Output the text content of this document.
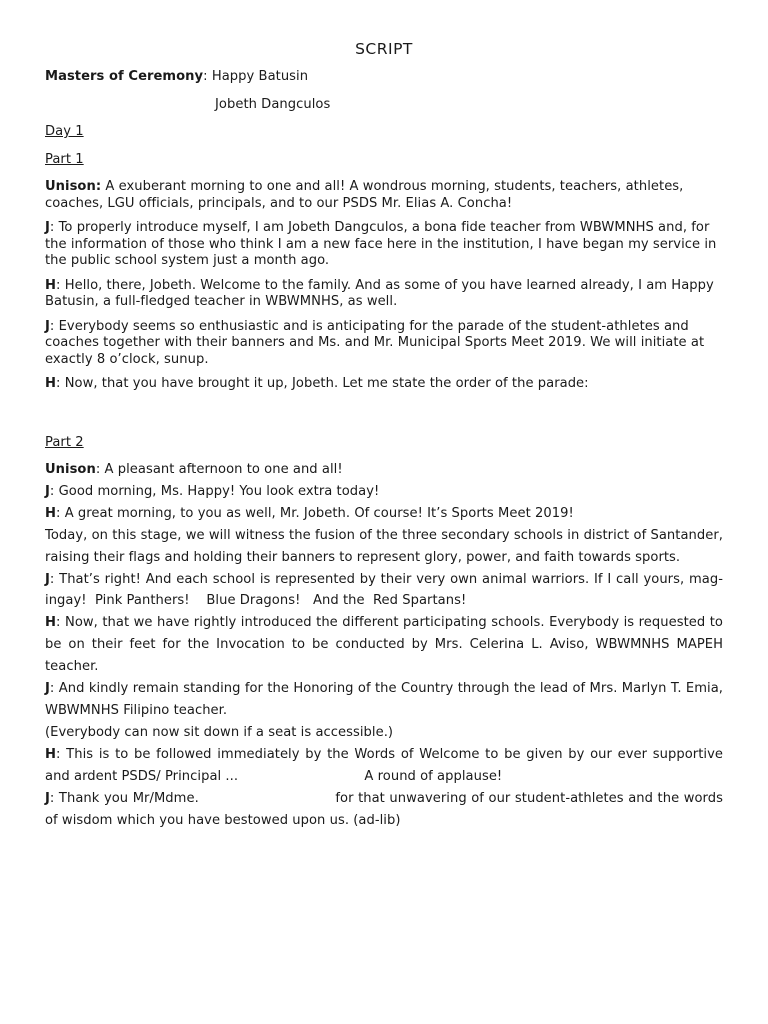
SCRIPT

Masters of Ceremony: Happy Batusin

Jobeth Dangculos

Day 1

Part 1

Unison: A exuberant morning to one and all! A wondrous morning, students, teachers, athletes, coaches, LGU officials, principals, and to our PSDS Mr. Elias A. Concha!

J: To properly introduce myself, I am Jobeth Dangculos, a bona fide teacher from WBWMNHS and, for the information of those who think I am a new face here in the institution, I have began my service in the public school system just a month ago.

H: Hello, there, Jobeth. Welcome to the family. And as some of you have learned already, I am Happy Batusin, a full-fledged teacher in WBWMNHS, as well.

J: Everybody seems so enthusiastic and is anticipating for the parade of the student-athletes and coaches together with their banners and Ms. and Mr. Municipal Sports Meet 2019. We will initiate at exactly 8 o’clock, sunup.

H: Now, that you have brought it up, Jobeth. Let me state the order of the parade:

Part 2

Unison: A pleasant afternoon to one and all!

J: Good morning, Ms. Happy! You look extra today!

H: A great morning, to you as well, Mr. Jobeth. Of course! It’s Sports Meet 2019!

Today, on this stage, we will witness the fusion of the three secondary schools in district of Santander, raising their flags and holding their banners to represent glory, power, and faith towards sports.

J: That’s right! And each school is represented by their very own animal warriors. If I call yours, mag-ingay!  Pink Panthers!    Blue Dragons!   And the  Red Spartans!

H: Now, that we have rightly introduced the different participating schools. Everybody is requested to be on their feet for the Invocation to be conducted by Mrs. Celerina L. Aviso, WBWMNHS MAPEH teacher.

J: And kindly remain standing for the Honoring of the Country through the lead of Mrs. Marlyn T. Emia, WBWMNHS Filipino teacher.

(Everybody can now sit down if a seat is accessible.)

H: This is to be followed immediately by the Words of Welcome to be given by our ever supportive and ardent PSDS/ Principal ...                              A round of applause!

J: Thank you Mr/Mdme.                              for that unwavering of our student-athletes and the words of wisdom which you have bestowed upon us. (ad-lib)
